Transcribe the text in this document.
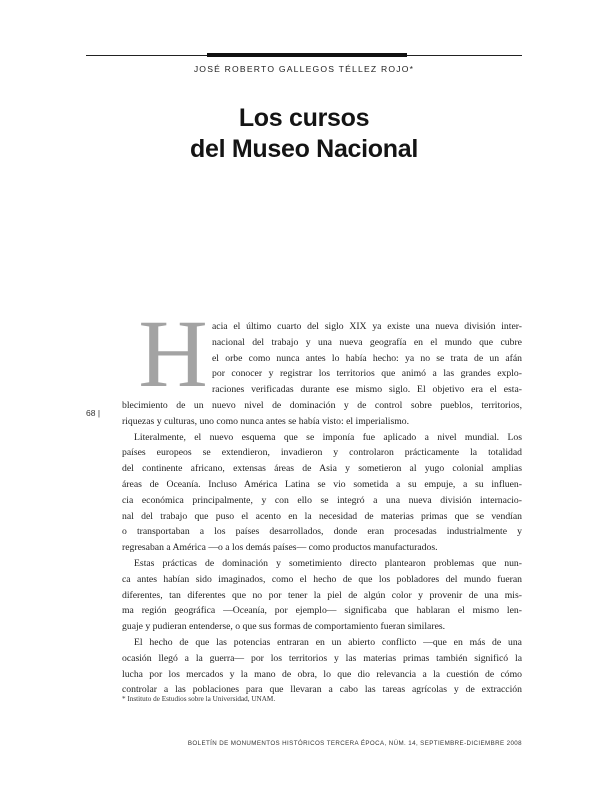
JOSÉ ROBERTO GALLEGOS TÉLLEZ ROJO*
Los cursos
del Museo Nacional
H
68 |
acia el último cuarto del siglo XIX ya existe una nueva división inter-
nacional del trabajo y una nueva geografía en el mundo que cubre
el orbe como nunca antes lo había hecho: ya no se trata de un afán
por conocer y registrar los territorios que animó a las grandes explo-
raciones verificadas durante ese mismo siglo. El objetivo era el esta-
blecimiento de un nuevo nivel de dominación y de control sobre pueblos, territorios,
riquezas y culturas, uno como nunca antes se había visto: el imperialismo.
Literalmente, el nuevo esquema que se imponía fue aplicado a nivel mundial. Los
países europeos se extendieron, invadieron y controlaron prácticamente la totalidad
del continente africano, extensas áreas de Asia y sometieron al yugo colonial amplias
áreas de Oceanía. Incluso América Latina se vio sometida a su empuje, a su influen-
cia económica principalmente, y con ello se integró a una nueva división internacio-
nal del trabajo que puso el acento en la necesidad de materias primas que se vendían
o transportaban a los países desarrollados, donde eran procesadas industrialmente y
regresaban a América —o a los demás países— como productos manufacturados.
Estas prácticas de dominación y sometimiento directo plantearon problemas que nun-
ca antes habían sido imaginados, como el hecho de que los pobladores del mundo fueran
diferentes, tan diferentes que no por tener la piel de algún color y provenir de una mis-
ma región geográfica —Oceanía, por ejemplo— significaba que hablaran el mismo len-
guaje y pudieran entenderse, o que sus formas de comportamiento fueran similares.
El hecho de que las potencias entraran en un abierto conflicto —que en más de una
ocasión llegó a la guerra— por los territorios y las materias primas también significó la
lucha por los mercados y la mano de obra, lo que dio relevancia a la cuestión de cómo
controlar a las poblaciones para que llevaran a cabo las tareas agrícolas y de extracción
* Instituto de Estudios sobre la Universidad, UNAM.
BOLETÍN DE MONUMENTOS HISTÓRICOS TERCERA ÉPOCA, NÚM. 14, SEPTIEMBRE-DICIEMBRE 2008
